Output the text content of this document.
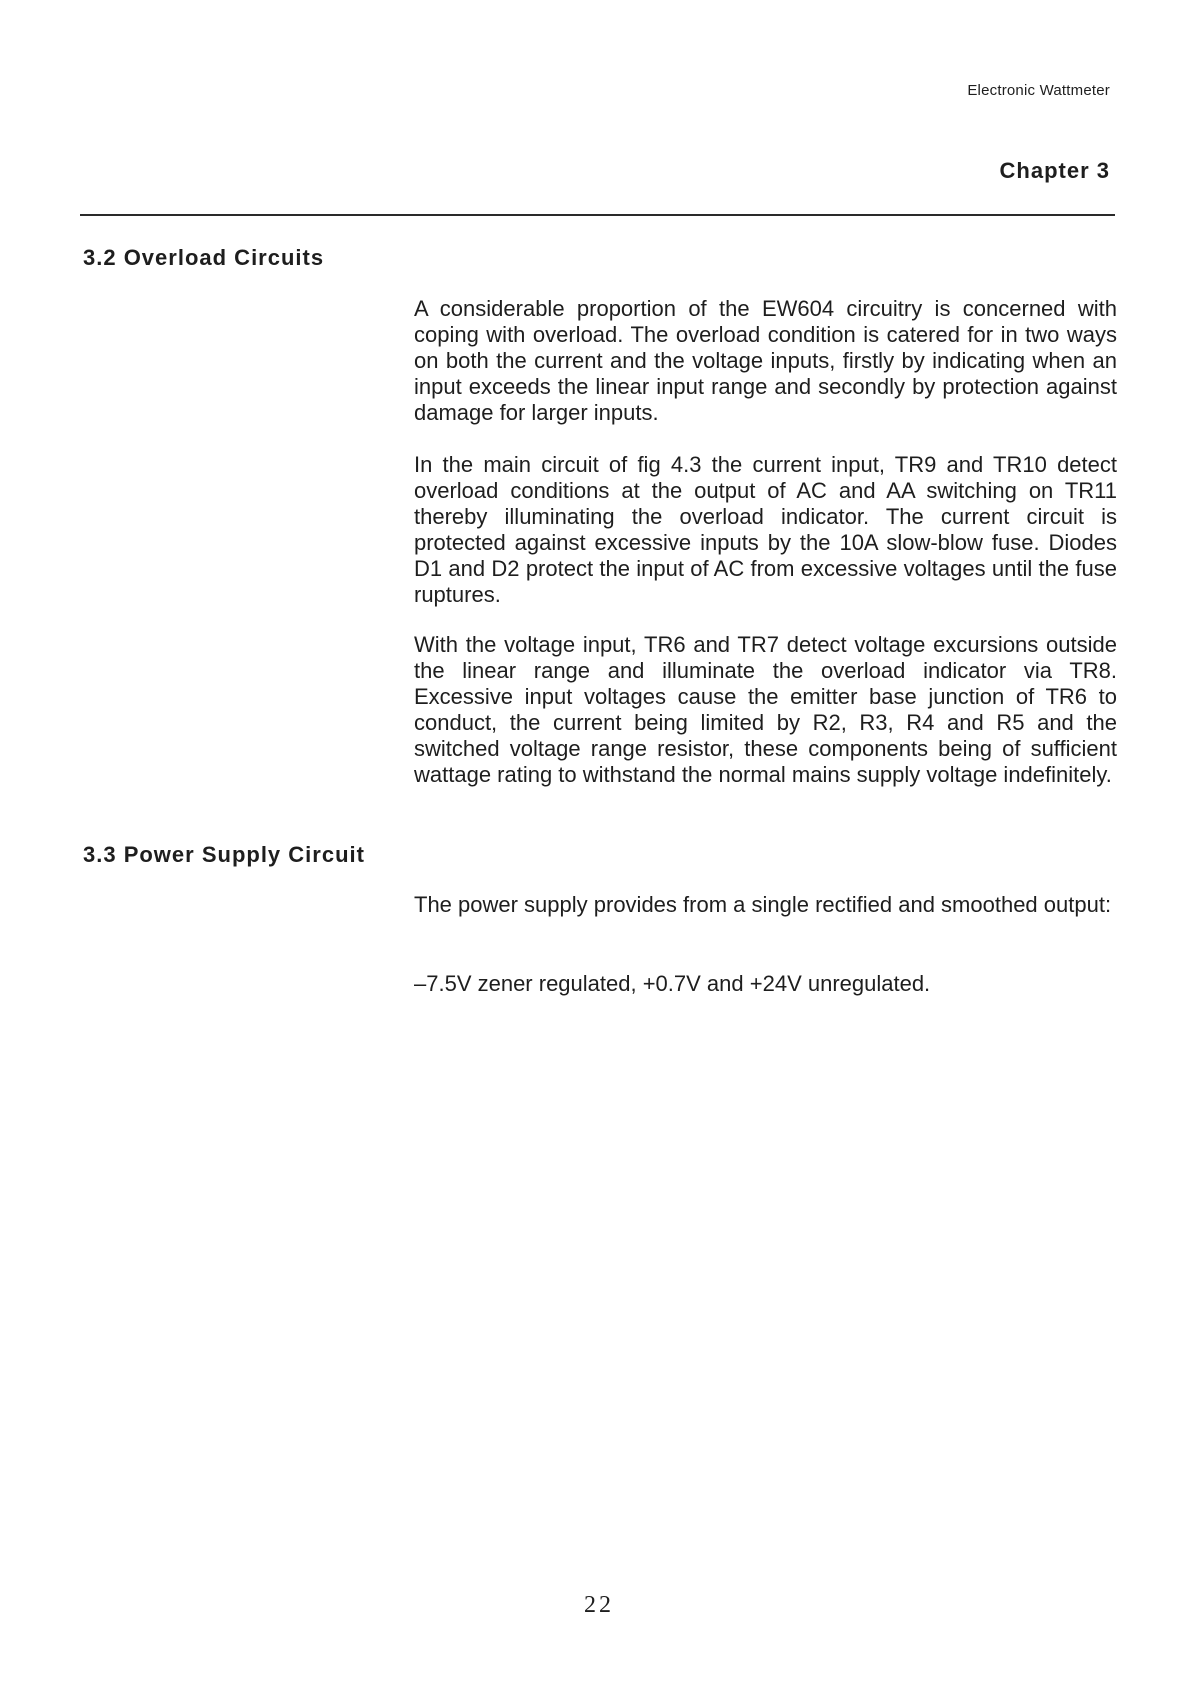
Electronic Wattmeter
Chapter 3
3.2 Overload Circuits

A considerable proportion of the EW604 circuitry is concerned with coping with overload. The overload condition is catered for in two ways on both the current and the voltage inputs, firstly by indicating when an input exceeds the linear input range and secondly by protection against damage for larger inputs.

In the main circuit of fig 4.3 the current input, TR9 and TR10 detect overload conditions at the output of AC and AA switching on TR11 thereby illuminating the overload indicator. The current circuit is protected against excessive inputs by the 10A slow-blow fuse. Diodes D1 and D2 protect the input of AC from excessive voltages until the fuse ruptures.

With the voltage input, TR6 and TR7 detect voltage excursions outside the linear range and illuminate the overload indicator via TR8. Excessive input voltages cause the emitter base junction of TR6 to conduct, the current being limited by R2, R3, R4 and R5 and the switched voltage range resistor, these components being of sufficient wattage rating to withstand the normal mains supply voltage indefinitely.

3.3 Power Supply Circuit

The power supply provides from a single rectified and smoothed output:

–7.5V zener regulated, +0.7V and +24V unregulated.

22
